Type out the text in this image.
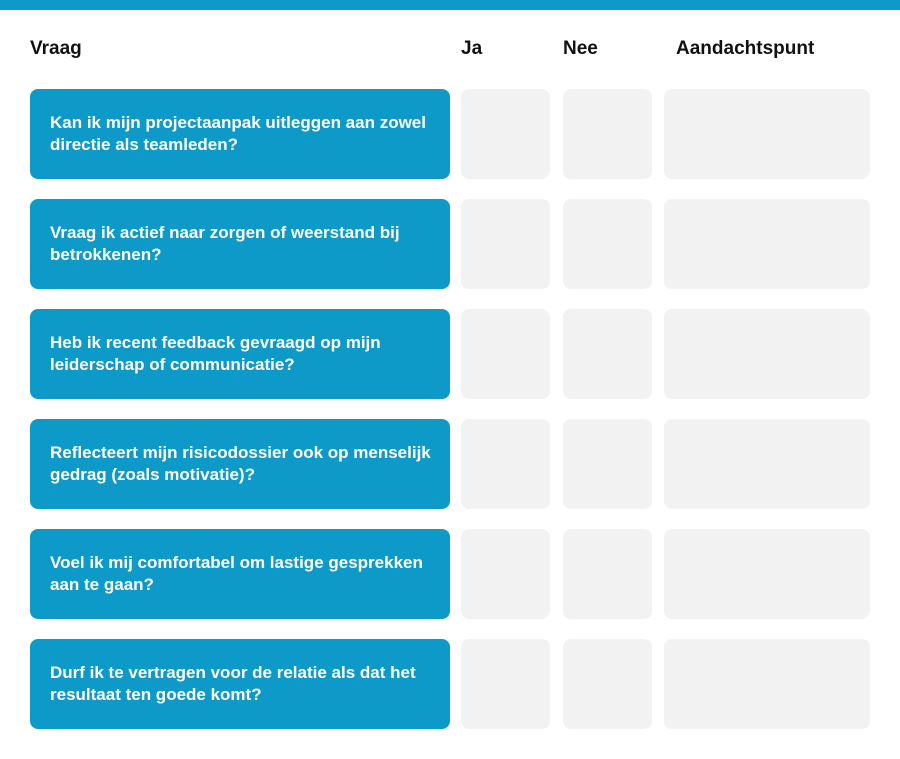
Vraag	Ja	Nee	Aandachtspunt
Kan ik mijn projectaanpak uitleggen aan zowel directie als teamleden?
Vraag ik actief naar zorgen of weerstand bij betrokkenen?
Heb ik recent feedback gevraagd op mijn leiderschap of communicatie?
Reflecteert mijn risicodossier ook op menselijk gedrag (zoals motivatie)?
Voel ik mij comfortabel om lastige gesprekken aan te gaan?
Durf ik te vertragen voor de relatie als dat het resultaat ten goede komt?
